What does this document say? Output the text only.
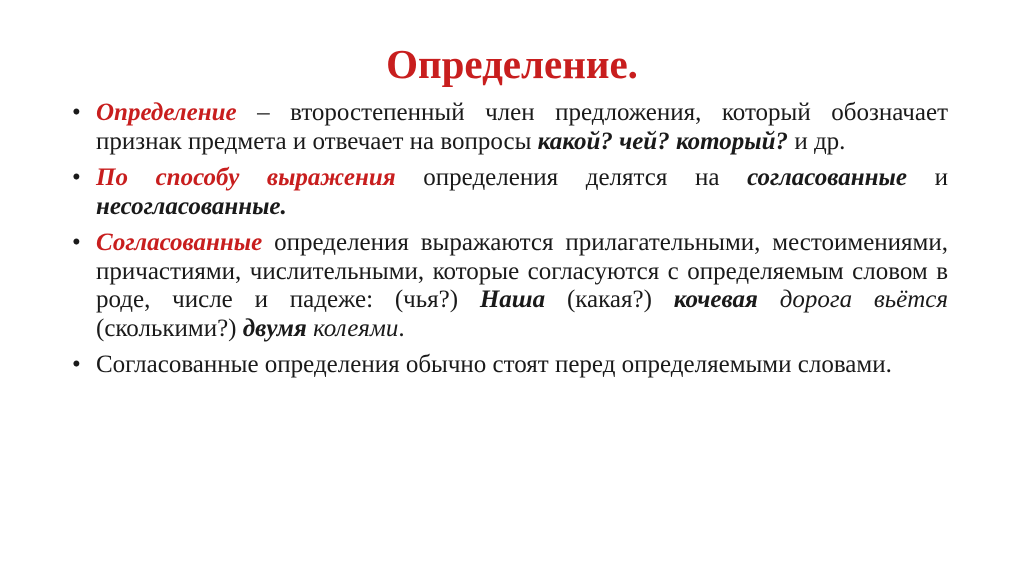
Определение.
• Определение – второстепенный член предложения, который обозначает признак предмета и отвечает на вопросы какой? чей? который? и др.
• По способу выражения определения делятся на согласованные и несогласованные.
• Согласованные определения выражаются прилагательными, местоимениями, причастиями, числительными, которые согласуются с определяемым словом в роде, числе и падеже: (чья?) Наша (какая?) кочевая дорога вьётся (сколькими?) двумя колеями.
• Согласованные определения обычно стоят перед определяемыми словами.
